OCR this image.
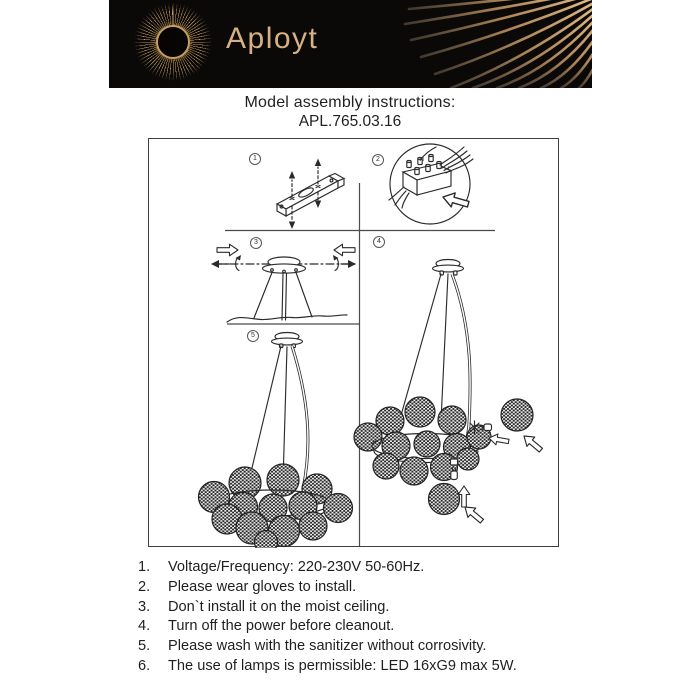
Aployt
Model assembly instructions:
APL.765.03.16
N
L
1	2
3	4
5
1.	Voltage/Frequency: 220-230V 50-60Hz.
2.	Please wear gloves to install.
3.	Don`t install it on the moist ceiling.
4.	Turn off the power before cleanout.
5.	Please wash with the sanitizer without corrosivity.
6.	The use of lamps is permissible: LED 16xG9 max 5W.
